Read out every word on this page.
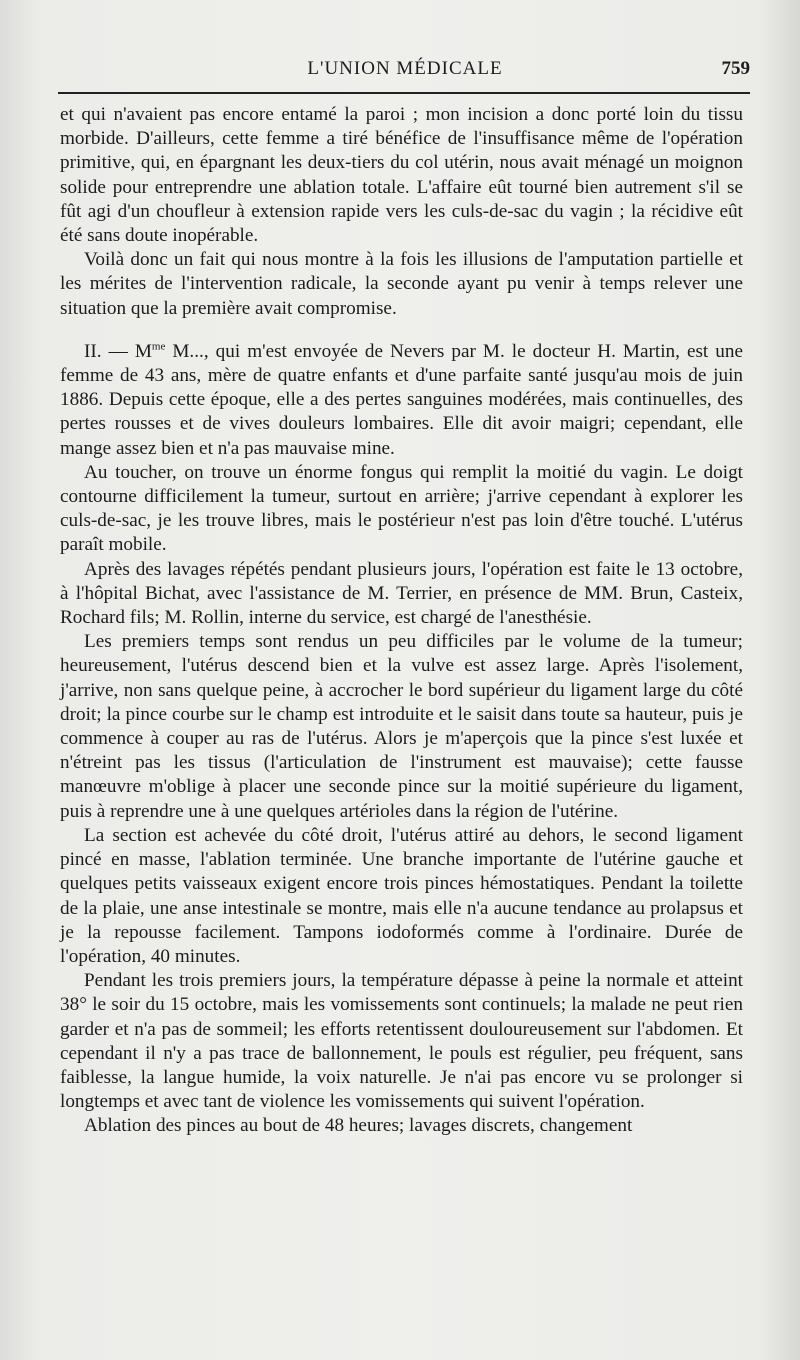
L'UNION MÉDICALE	759

et qui n'avaient pas encore entamé la paroi ; mon incision a donc porté loin du tissu morbide. D'ailleurs, cette femme a tiré bénéfice de l'insuffisance même de l'opération primitive, qui, en épargnant les deux-tiers du col utérin, nous avait ménagé un moignon solide pour entreprendre une ablation totale. L'affaire eût tourné bien autrement s'il se fût agi d'un choufleur à extension rapide vers les culs-de-sac du vagin ; la récidive eût été sans doute inopérable.

Voilà donc un fait qui nous montre à la fois les illusions de l'amputation partielle et les mérites de l'intervention radicale, la seconde ayant pu venir à temps relever une situation que la première avait compromise.

II. — $M^{me}$ M..., qui m'est envoyée de Nevers par M. le docteur H. Martin, est une femme de 43 ans, mère de quatre enfants et d'une parfaite santé jusqu'au mois de juin 1886. Depuis cette époque, elle a des pertes sanguines modérées, mais continuelles, des pertes rousses et de vives douleurs lombaires. Elle dit avoir maigri; cependant, elle mange assez bien et n'a pas mauvaise mine.

Au toucher, on trouve un énorme fongus qui remplit la moitié du vagin. Le doigt contourne difficilement la tumeur, surtout en arrière; j'arrive cependant à explorer les culs-de-sac, je les trouve libres, mais le postérieur n'est pas loin d'être touché. L'utérus paraît mobile.

Après des lavages répétés pendant plusieurs jours, l'opération est faite le 13 octobre, à l'hôpital Bichat, avec l'assistance de M. Terrier, en présence de MM. Brun, Casteix, Rochard fils; M. Rollin, interne du service, est chargé de l'anesthésie.

Les premiers temps sont rendus un peu difficiles par le volume de la tumeur; heureusement, l'utérus descend bien et la vulve est assez large. Après l'isolement, j'arrive, non sans quelque peine, à accrocher le bord supérieur du ligament large du côté droit; la pince courbe sur le champ est introduite et le saisit dans toute sa hauteur, puis je commence à couper au ras de l'utérus. Alors je m'aperçois que la pince s'est luxée et n'étreint pas les tissus (l'articulation de l'instrument est mauvaise); cette fausse manœuvre m'oblige à placer une seconde pince sur la moitié supérieure du ligament, puis à reprendre une à une quelques artérioles dans la région de l'utérine.

La section est achevée du côté droit, l'utérus attiré au dehors, le second ligament pincé en masse, l'ablation terminée. Une branche importante de l'utérine gauche et quelques petits vaisseaux exigent encore trois pinces hémostatiques. Pendant la toilette de la plaie, une anse intestinale se montre, mais elle n'a aucune tendance au prolapsus et je la repousse facilement. Tampons iodoformés comme à l'ordinaire. Durée de l'opération, 40 minutes.

Pendant les trois premiers jours, la température dépasse à peine la normale et atteint 38° le soir du 15 octobre, mais les vomissements sont continuels; la malade ne peut rien garder et n'a pas de sommeil; les efforts retentissent douloureusement sur l'abdomen. Et cependant il n'y a pas trace de ballonnement, le pouls est régulier, peu fréquent, sans faiblesse, la langue humide, la voix naturelle. Je n'ai pas encore vu se prolonger si longtemps et avec tant de violence les vomissements qui suivent l'opération.

Ablation des pinces au bout de 48 heures; lavages discrets, changement
